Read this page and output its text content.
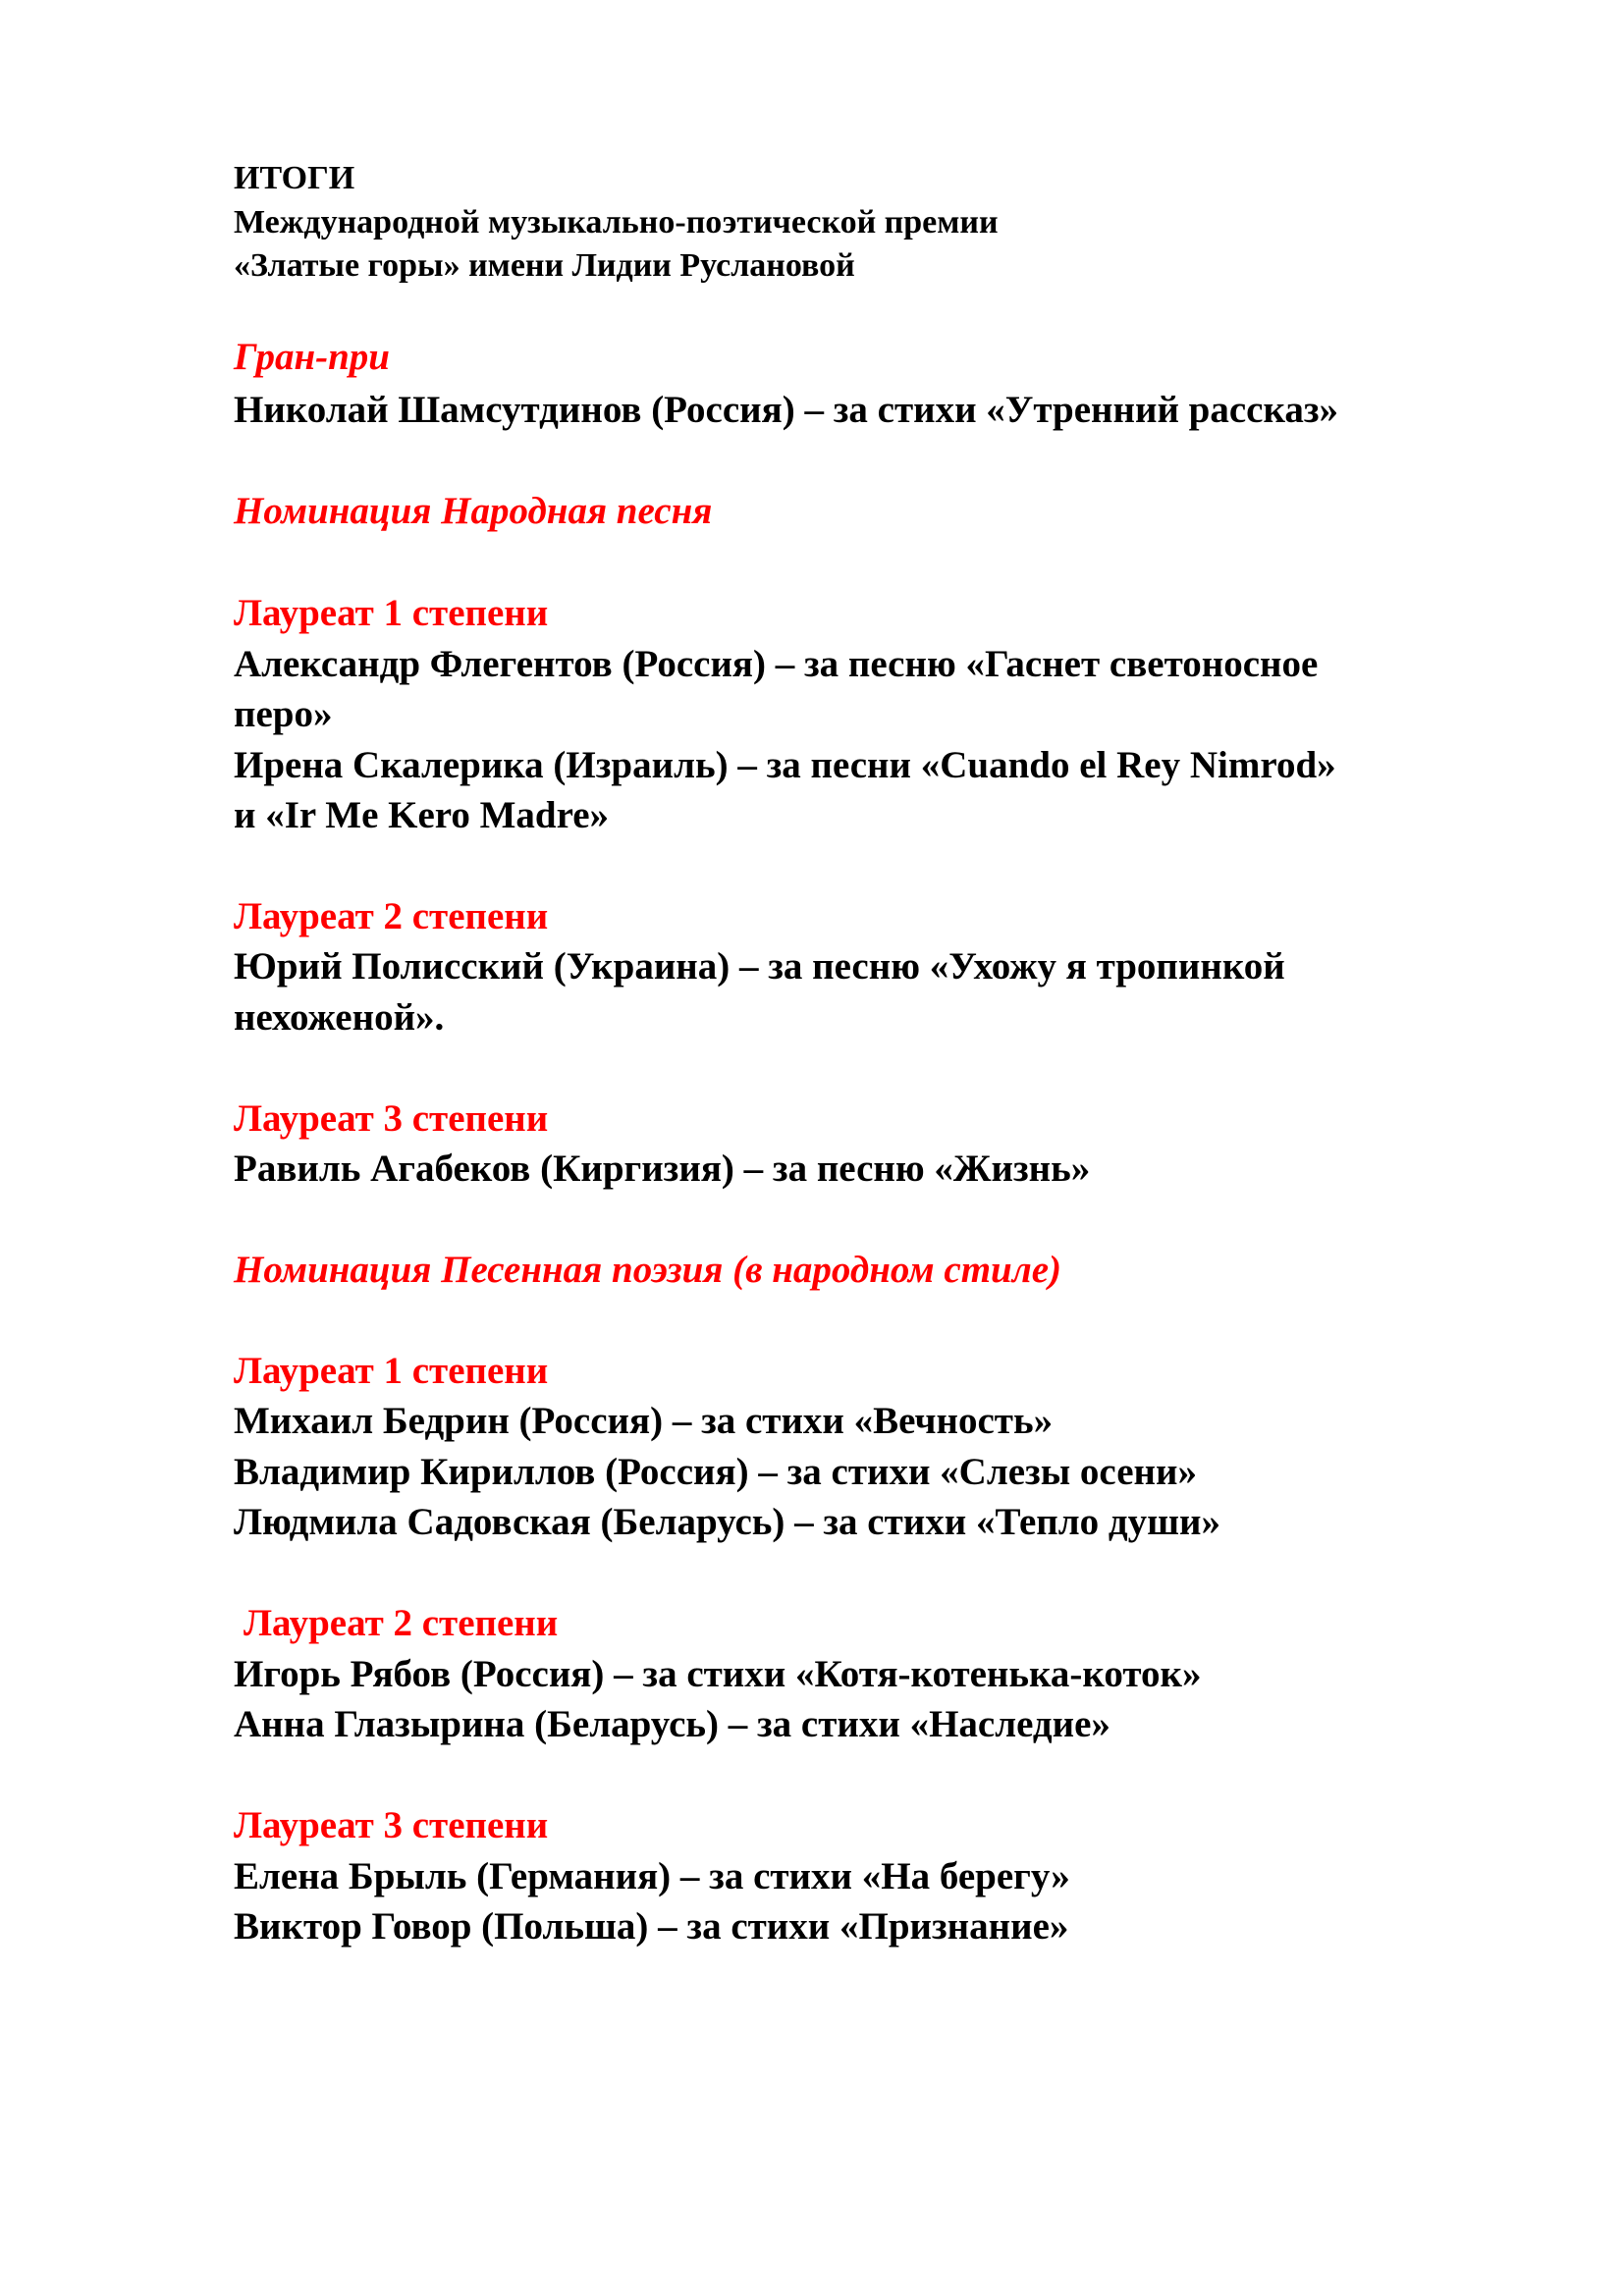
ИТОГИ
Международной музыкально-поэтической премии
«Златые горы» имени Лидии Руслановой
Гран-при
Николай Шамсутдинов (Россия) – за стихи «Утренний рассказ»
Номинация Народная песня
Лауреат 1 степени
Александр Флегентов (Россия) – за песню «Гаснет светоносное
перо»
Ирена Скалерика (Израиль) – за песни «Cuando el Rey Nimrod»
и «Ir Me Kero Madre»
Лауреат 2 степени
Юрий Полисский (Украина) – за песню «Ухожу я тропинкой
нехоженой».
Лауреат 3 степени
Равиль Агабеков (Киргизия) – за песню «Жизнь»
Номинация Песенная поэзия (в народном стиле)
Лауреат 1 степени
Михаил Бедрин (Россия) – за стихи «Вечность»
Владимир Кириллов (Россия) – за стихи «Слезы осени»
Людмила Садовская (Беларусь) – за стихи «Тепло души»
Лауреат 2 степени
Игорь Рябов (Россия) – за стихи «Котя-котенька-коток»
Анна Глазырина (Беларусь) – за стихи «Наследие»
Лауреат 3 степени
Елена Брыль (Германия) – за стихи «На берегу»
Виктор Говор (Польша) – за стихи «Признание»
